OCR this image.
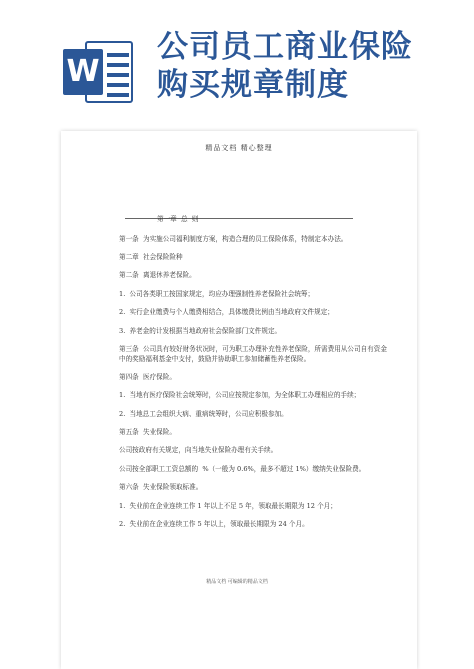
W
公司员工商业保险
购买规章制度
精品文档 精心整理

第一章  总  则

第一条  为实施公司福利制度方案，构造合理的员工保险体系，特制定本办法。

第二章  社会保险险种

第二条  离退休养老保险。

1.  公司各类职工按国家规定，均应办理强制性养老保险社会统筹；

2.  实行企业缴费与个人缴费相结合，具体缴费比例由当地政府文件规定；

3.  养老金的计发根据当地政府社会保险部门文件规定。

第三条  公司具有较好财务状况时，可为职工办理补充性养老保险，所需费用从公司自有资金中的奖励福利基金中支付，鼓励并协助职工参加储蓄性养老保险。

第四条  医疗保险。

1.  当地有医疗保险社会统筹时，公司应按规定参加，为全体职工办理相应的手续；

2.  当地总工会组织大病、重病统筹时，公司应积极参加。

第五条  失业保险。

公司按政府有关规定，向当地失业保险办理有关手续。

公司按全部职工工资总额的  %（一般为 0.6%，最多不超过 1%）缴纳失业保险费。

第六条  失业保险领取标准。

1.  失业前在企业连续工作 1 年以上不足 5 年，领取最长期限为 12 个月；

2.  失业前在企业连续工作 5 年以上，领取最长期限为 24 个月。

精品文档 可编辑的精品文档
